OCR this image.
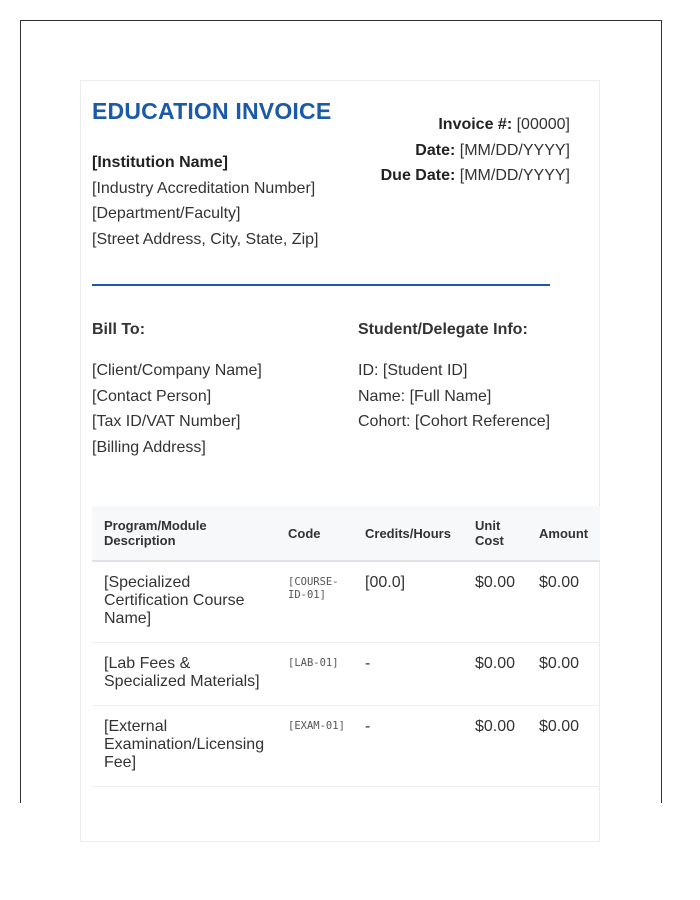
EDUCATION INVOICE
[Institution Name]
[Industry Accreditation Number]
[Department/Faculty]
[Street Address, City, State, Zip]
Invoice #: [00000]
Date: [MM/DD/YYYY]
Due Date: [MM/DD/YYYY]
Bill To:	Student/Delegate Info:
[Client/Company Name]
[Contact Person]
[Tax ID/VAT Number]
[Billing Address]
ID: [Student ID]
Name: [Full Name]
Cohort: [Cohort Reference]
Program/Module Description	Code	Credits/Hours	Unit Cost	Amount
[Specialized Certification Course Name]	[COURSE-ID-01]	[00.0]	$0.00	$0.00
[Lab Fees & Specialized Materials]	[LAB-01]	-	$0.00	$0.00
[External Examination/Licensing Fee]	[EXAM-01]	-	$0.00	$0.00
